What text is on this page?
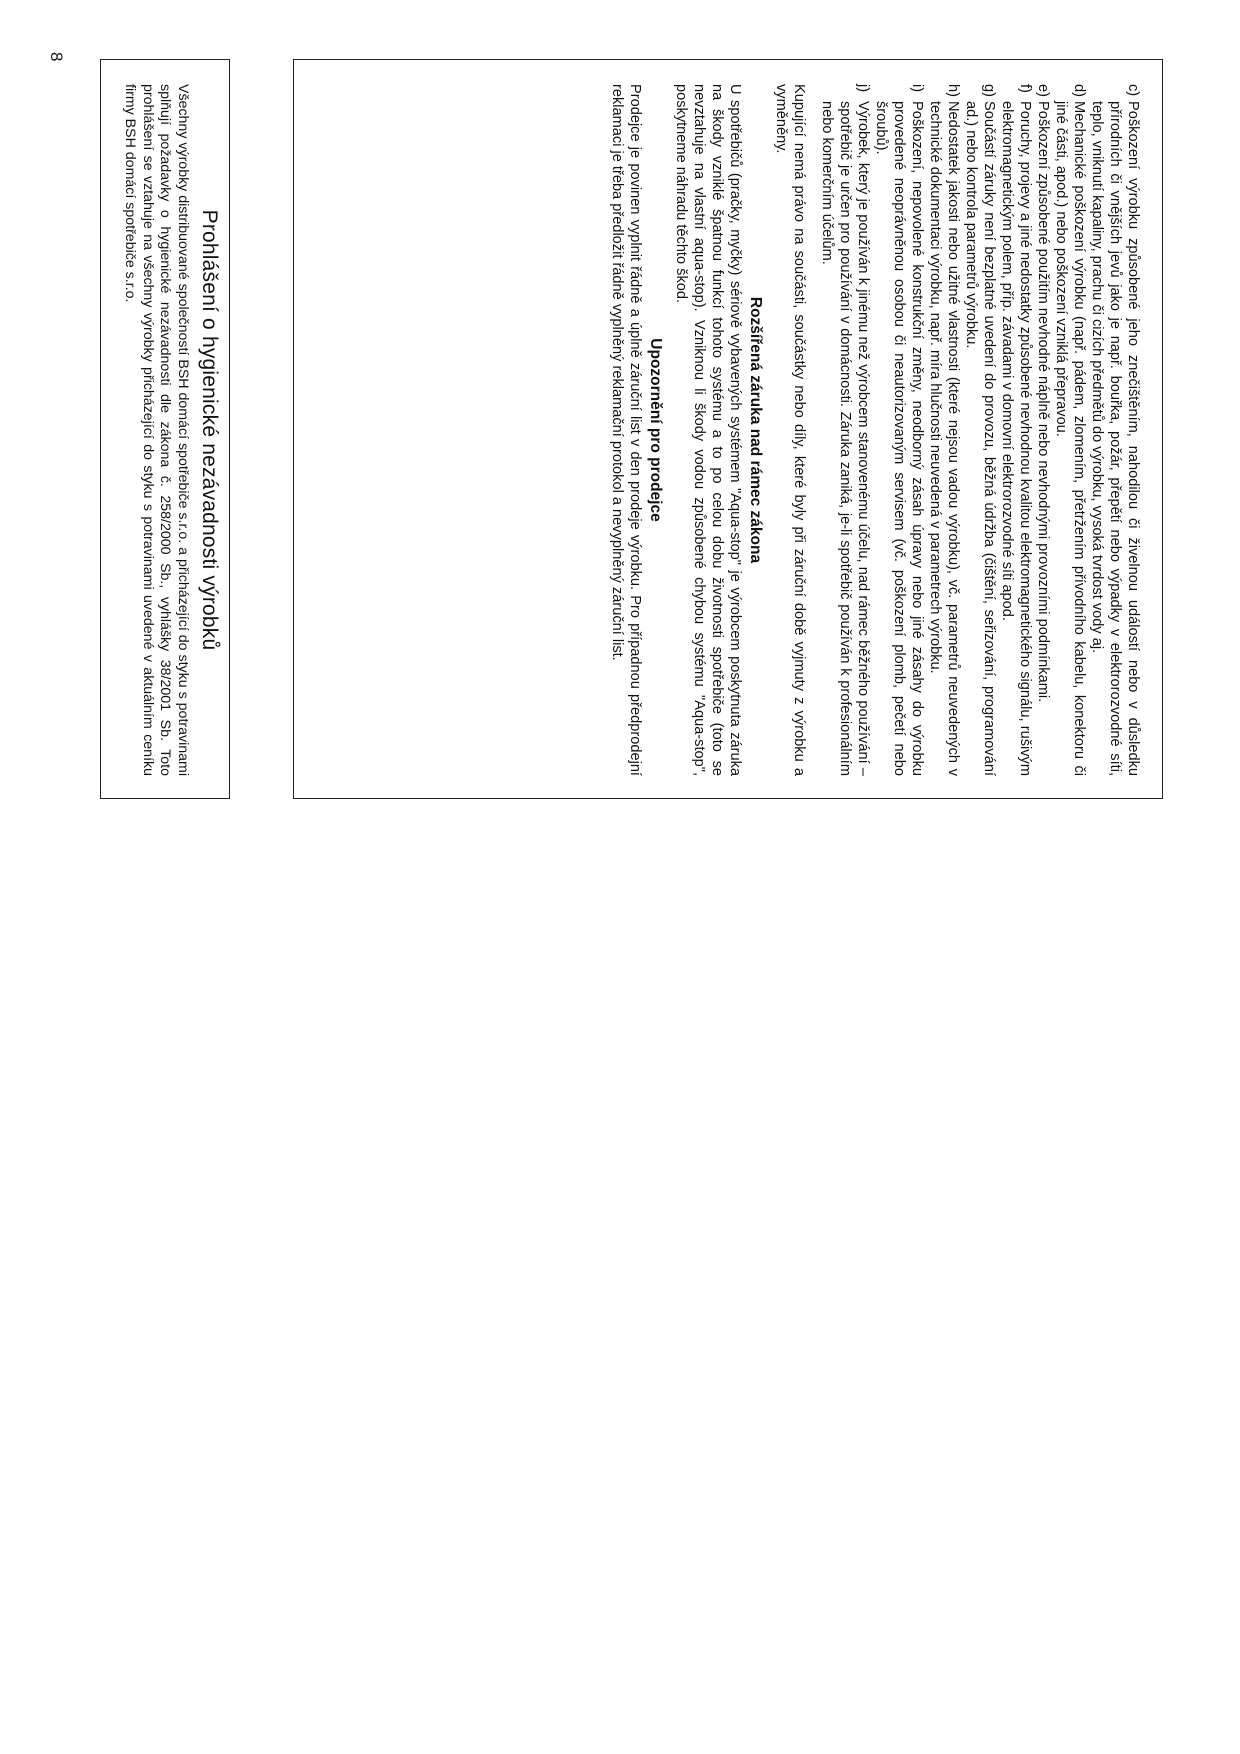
8
c)
Poškození výrobku způsobené jeho znečištěním, nahodilou či živelnou událostí nebo v důsledku přírodních či vnějších jevů jako je např. bouřka, požár, přepětí nebo výpadky v elektrorozvodné síti, teplo, vniknutí kapaliny, prachu či cizích předmětů do výrobku, vysoká tvrdost vody aj.
d)
Mechanické poškození výrobku (např. pádem, zlomením, přetržením přívodního kabelu, konektoru či jiné části, apod.) nebo poškození vzniklá přepravou.
e)
Poškození způsobené použitím nevhodné náplně nebo nevhodnými provozními podmínkami.
f)
Poruchy, projevy a jiné nedostatky způsobené nevhodnou kvalitou elektromagnetického signálu, rušivým elektromagnetickým polem, příp. závadami v domovní elektrorozvodné síti apod.
g)
Součástí záruky není bezplatné uvedení do provozu, běžná údržba (čištění, seřizování, programování ad.) nebo kontrola parametrů výrobku.
h)
Nedostatek jakosti nebo užitné vlastnosti (které nejsou vadou výrobku), vč. parametrů neuvedených v technické dokumentaci výrobku, např. míra hlučnosti neuvedená v parametrech výrobku.
i)
Poškození, nepovolené konstrukční změny, neodborný zásah úpravy nebo jiné zásahy do výrobku provedené neoprávněnou osobou či neautorizovaným servisem (vč. poškození plomb, pečetí nebo šroubů).
j)
Výrobek, který je používán k jinému než výrobcem stanovenému účelu, nad rámec běžného používání – spotřebič je určen pro používání v domácnosti. Záruka zaniká, je-li spotřebič používán k profesionálním nebo komerčním účelům.

Kupující nemá právo na součásti, součástky nebo díly, které byly při záruční době vyjmuty z výrobku a vyměněny.

Rozšířená záruka nad rámec zákona

U spotřebičů (pračky, myčky) sériově vybavených systémem "Aqua-stop" je výrobcem poskytnuta záruka na škody vzniklé špatnou funkcí tohoto systému a to po celou dobu životnosti spotřebiče (toto se nevztahuje na vlastní aqua-stop). Vzniknou li škody vodou způsobené chybou systému "Aqua-stop", poskytneme náhradu těchto škod.

Upozornění pro prodejce

Prodejce je povinen vyplnit řádně a úplně záruční list v den prodeje výrobku. Pro případnou předprodejní reklamaci je třeba předložit řádně vyplněný reklamační protokol a nevyplněný záruční list.

Prohlášení o hygienické nezávadnosti výrobků

Všechny výrobky distribuované společností BSH domácí spotřebiče s.r.o. a přicházející do styku s potravinami splňují požadavky o hygienické nezávadnosti dle zákona č. 258/2000 Sb., vyhlášky 38/2001 Sb. Toto prohlášení se vztahuje na všechny výrobky přicházející do styku s potravinami uvedené v aktuálním ceníku firmy BSH domácí spotřebiče s.r.o.
